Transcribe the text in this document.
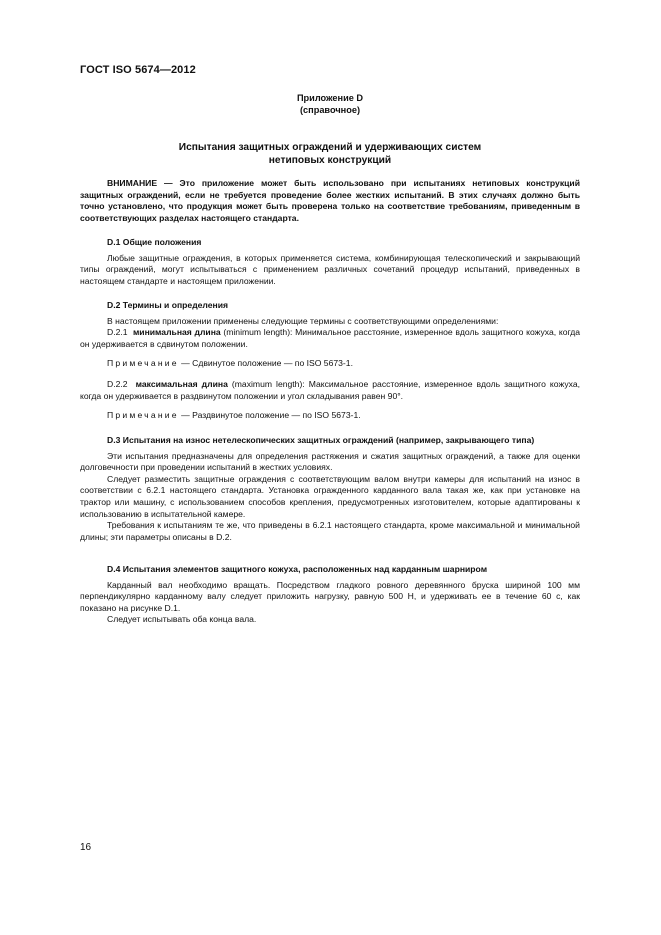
ГОСТ ISO 5674—2012
Приложение D
(справочное)
Испытания защитных ограждений и удерживающих систем
нетиповых конструкций

ВНИМАНИЕ — Это приложение может быть использовано при испытаниях нетиповых конструкций защитных ограждений, если не требуется проведение более жестких испытаний. В этих случаях должно быть точно установлено, что продукция может быть проверена только на соответствие требованиям, приведенным в соответствующих разделах настоящего стандарта.

D.1 Общие положения

Любые защитные ограждения, в которых применяется система, комбинирующая телескопический и закрывающий типы ограждений, могут испытываться с применением различных сочетаний процедур испытаний, приведенных в настоящем стандарте и настоящем приложении.

D.2 Термины и определения

В настоящем приложении применены следующие термины с соответствующими определениями:

D.2.1 минимальная длина (minimum length): Минимальное расстояние, измеренное вдоль защитного кожуха, когда он удерживается в сдвинутом положении.

Примечание — Сдвинутое положение — по ISO 5673-1.

D.2.2 максимальная длина (maximum length): Максимальное расстояние, измеренное вдоль защитного кожуха, когда он удерживается в раздвинутом положении и угол складывания равен 90°.

Примечание — Раздвинутое положение — по ISO 5673-1.

D.3 Испытания на износ нетелескопических защитных ограждений (например, закрывающего типа)

Эти испытания предназначены для определения растяжения и сжатия защитных ограждений, а также для оценки долговечности при проведении испытаний в жестких условиях.

Следует разместить защитные ограждения с соответствующим валом внутри камеры для испытаний на износ в соответствии с 6.2.1 настоящего стандарта. Установка огражденного карданного вала такая же, как при установке на трактор или машину, с использованием способов крепления, предусмотренных изготовителем, которые адаптированы к использованию в испытательной камере.

Требования к испытаниям те же, что приведены в 6.2.1 настоящего стандарта, кроме максимальной и минимальной длины; эти параметры описаны в D.2.

D.4 Испытания элементов защитного кожуха, расположенных над карданным шарниром

Карданный вал необходимо вращать. Посредством гладкого ровного деревянного бруска шириной 100 мм перпендикулярно карданному валу следует приложить нагрузку, равную 500 Н, и удерживать ее в течение 60 с, как показано на рисунке D.1.

Следует испытывать оба конца вала.

16
